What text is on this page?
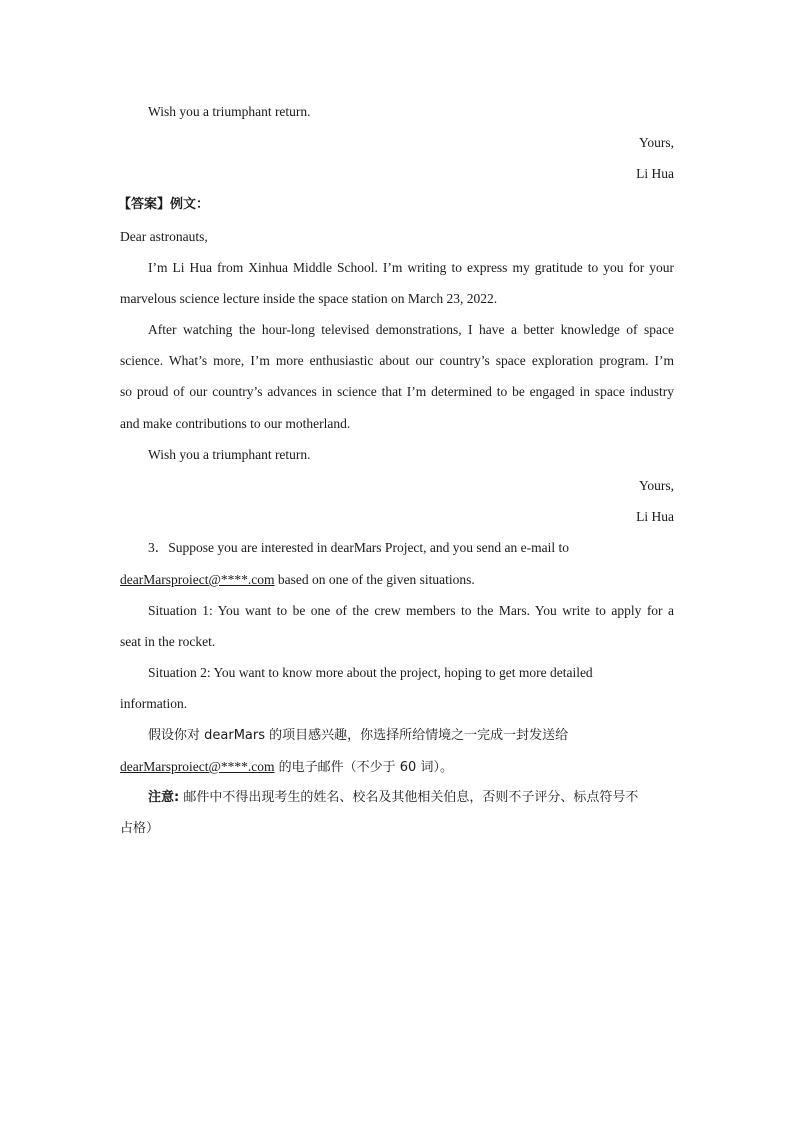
Wish you a triumphant return.
Yours,
Li Hua
【答案】例文：
Dear astronauts,
I’m Li Hua from Xinhua Middle School. I’m writing to express my gratitude to you for your
marvelous science lecture inside the space station on March 23, 2022.
After watching the hour-long televised demonstrations, I have a better knowledge of space
science. What’s more, I’m more enthusiastic about our country’s space exploration program. I’m
so proud of our country’s advances in science that I’m determined to be engaged in space industry
and make contributions to our motherland.
Wish you a triumphant return.
Yours,
Li Hua
3．Suppose you are interested in dearMars Project, and you send an e-mail to
dearMarsproiect@****.com based on one of the given situations.
Situation 1: You want to be one of the crew members to the Mars. You write to apply for a
seat in the rocket.
Situation 2: You want to know more about the project, hoping to get more detailed
information.
假设你对 dearMars 的项目感兴趣，你选择所给情境之一完成一封发送给
dearMarsproiect@****.com 的电子邮件（不少于 60 词）。
注意: 邮件中不得出现考生的姓名、校名及其他相关伯息，否则不子评分、标点符号不
占格）
